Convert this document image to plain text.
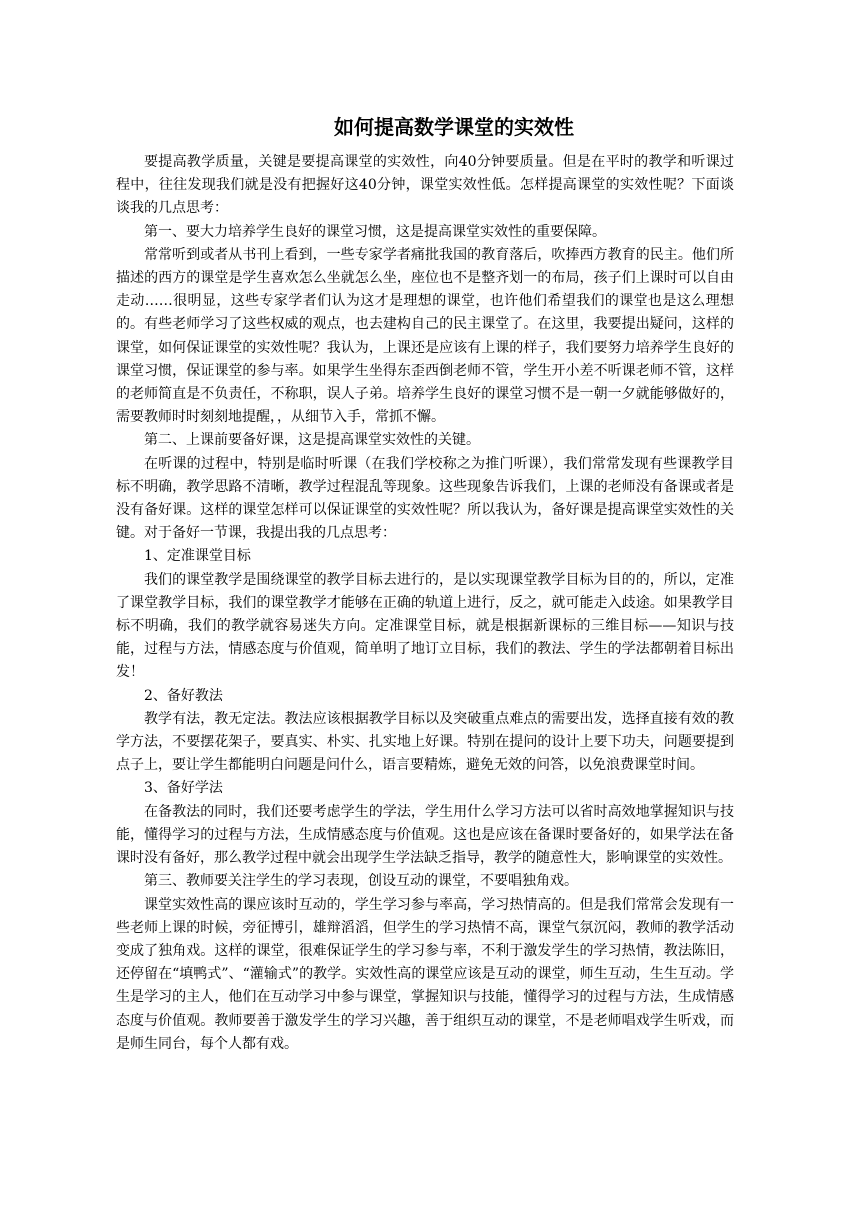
如何提高数学课堂的实效性

要提高教学质量，关键是要提高课堂的实效性，向40分钟要质量。但是在平时的教学和听课过程中，往往发现我们就是没有把握好这40分钟，课堂实效性低。怎样提高课堂的实效性呢？下面谈谈我的几点思考：

第一、要大力培养学生良好的课堂习惯，这是提高课堂实效性的重要保障。

常常听到或者从书刊上看到，一些专家学者痛批我国的教育落后，吹捧西方教育的民主。他们所描述的西方的课堂是学生喜欢怎么坐就怎么坐，座位也不是整齐划一的布局，孩子们上课时可以自由走动……很明显，这些专家学者们认为这才是理想的课堂，也许他们希望我们的课堂也是这么理想的。有些老师学习了这些权威的观点，也去建构自己的民主课堂了。在这里，我要提出疑问，这样的课堂，如何保证课堂的实效性呢？我认为，上课还是应该有上课的样子，我们要努力培养学生良好的课堂习惯，保证课堂的参与率。如果学生坐得东歪西倒老师不管，学生开小差不听课老师不管，这样的老师简直是不负责任，不称职，误人子弟。培养学生良好的课堂习惯不是一朝一夕就能够做好的，需要教师时时刻刻地提醒，，从细节入手，常抓不懈。

第二、上课前要备好课，这是提高课堂实效性的关键。

在听课的过程中，特别是临时听课（在我们学校称之为推门听课），我们常常发现有些课教学目标不明确，教学思路不清晰，教学过程混乱等现象。这些现象告诉我们，上课的老师没有备课或者是没有备好课。这样的课堂怎样可以保证课堂的实效性呢？所以我认为，备好课是提高课堂实效性的关键。对于备好一节课，我提出我的几点思考：

1、定准课堂目标

我们的课堂教学是围绕课堂的教学目标去进行的，是以实现课堂教学目标为目的的，所以，定准了课堂教学目标，我们的课堂教学才能够在正确的轨道上进行，反之，就可能走入歧途。如果教学目标不明确，我们的教学就容易迷失方向。定准课堂目标，就是根据新课标的三维目标——知识与技能，过程与方法，情感态度与价值观，简单明了地订立目标，我们的教法、学生的学法都朝着目标出发！

2、备好教法

教学有法，教无定法。教法应该根据教学目标以及突破重点难点的需要出发，选择直接有效的教学方法，不要摆花架子，要真实、朴实、扎实地上好课。特别在提问的设计上要下功夫，问题要提到点子上，要让学生都能明白问题是问什么，语言要精炼，避免无效的问答，以免浪费课堂时间。

3、备好学法

在备教法的同时，我们还要考虑学生的学法，学生用什么学习方法可以省时高效地掌握知识与技能，懂得学习的过程与方法，生成情感态度与价值观。这也是应该在备课时要备好的，如果学法在备课时没有备好，那么教学过程中就会出现学生学法缺乏指导，教学的随意性大，影响课堂的实效性。

第三、教师要关注学生的学习表现，创设互动的课堂，不要唱独角戏。

课堂实效性高的课应该时互动的，学生学习参与率高，学习热情高的。但是我们常常会发现有一些老师上课的时候，旁征博引，雄辩滔滔，但学生的学习热情不高，课堂气氛沉闷，教师的教学活动变成了独角戏。这样的课堂，很难保证学生的学习参与率，不利于激发学生的学习热情，教法陈旧，还停留在“填鸭式”、“灌输式”的教学。实效性高的课堂应该是互动的课堂，师生互动，生生互动。学生是学习的主人，他们在互动学习中参与课堂，掌握知识与技能，懂得学习的过程与方法，生成情感态度与价值观。教师要善于激发学生的学习兴趣，善于组织互动的课堂，不是老师唱戏学生听戏，而是师生同台，每个人都有戏。
